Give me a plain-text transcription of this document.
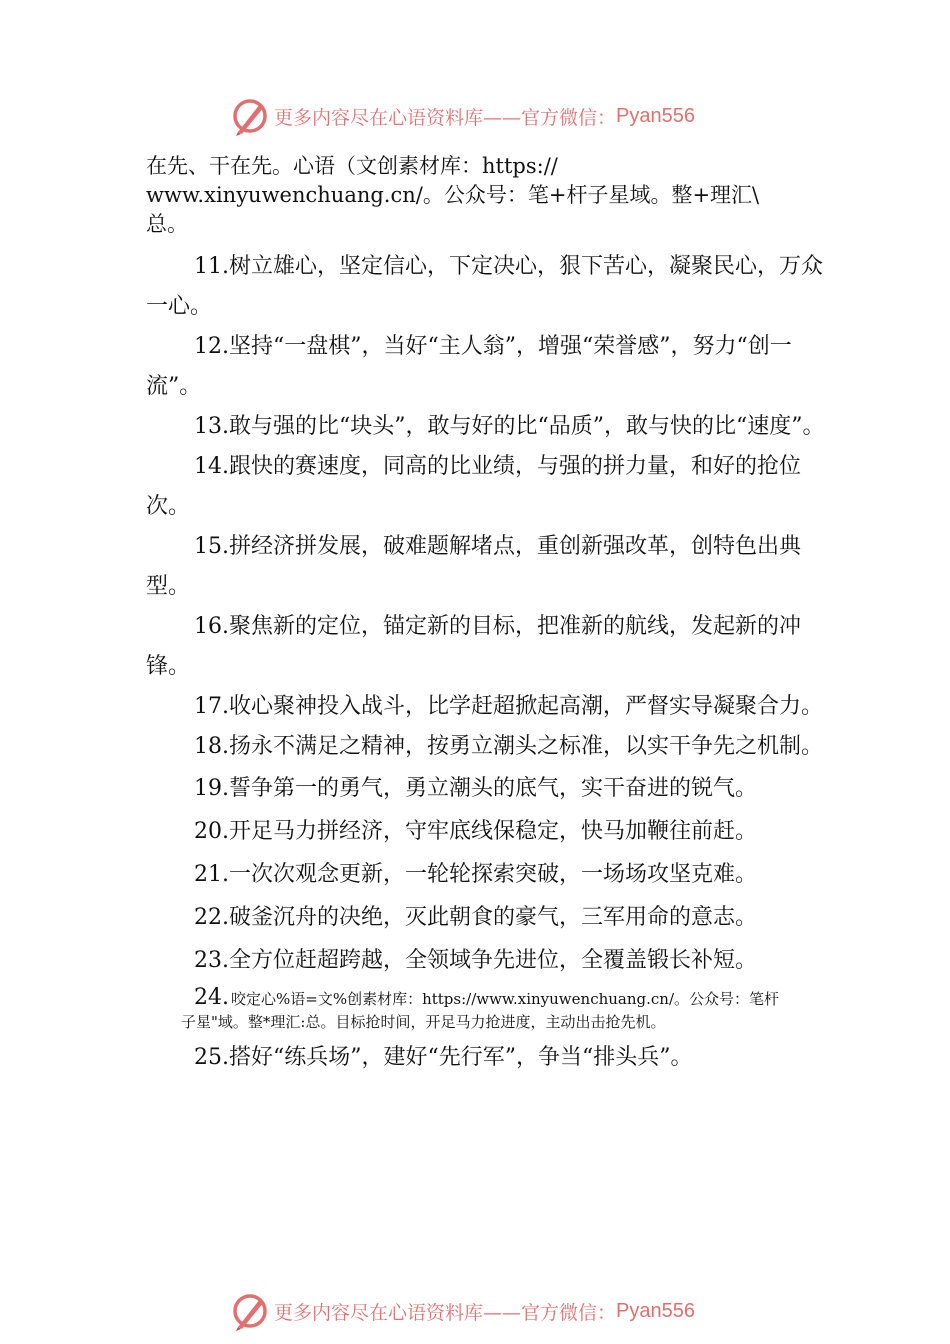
更多内容尽在心语资料库——官方微信： Pyan556

在先、干在先。心语（文创素材库：https://
www.xinyuwenchuang.cn/。公众号：笔+杆子星域。整+理汇\
总。

11.树立雄心，坚定信心，下定决心，狠下苦心，凝聚民心，万众一心。

12.坚持“一盘棋”，当好“主人翁”，增强“荣誉感”，努力“创一流”。

13.敢与强的比“块头”，敢与好的比“品质”，敢与快的比“速度”。

14.跟快的赛速度，同高的比业绩，与强的拼力量，和好的抢位次。

15.拼经济拼发展，破难题解堵点，重创新强改革，创特色出典型。

16.聚焦新的定位，锚定新的目标，把准新的航线，发起新的冲锋。

17.收心聚神投入战斗，比学赶超掀起高潮，严督实导凝聚合力。

18.扬永不满足之精神，按勇立潮头之标准，以实干争先之机制。

19.誓争第一的勇气，勇立潮头的底气，实干奋进的锐气。

20.开足马力拼经济，守牢底线保稳定，快马加鞭往前赶。

21.一次次观念更新，一轮轮探索突破，一场场攻坚克难。

22.破釜沉舟的决绝，灭此朝食的豪气，三军用命的意志。

23.全方位赶超跨越，全领域争先进位，全覆盖锻长补短。

24. 咬定心%语=文%创素材库：https://www.xinyuwenchuang.cn/。公众号：笔杆
子星"域。整*理汇:总。目标抢时间，开足马力抢进度，主动出击抢先机。

25.搭好“练兵场”，建好“先行军”，争当“排头兵”。

更多内容尽在心语资料库——官方微信： Pyan556
